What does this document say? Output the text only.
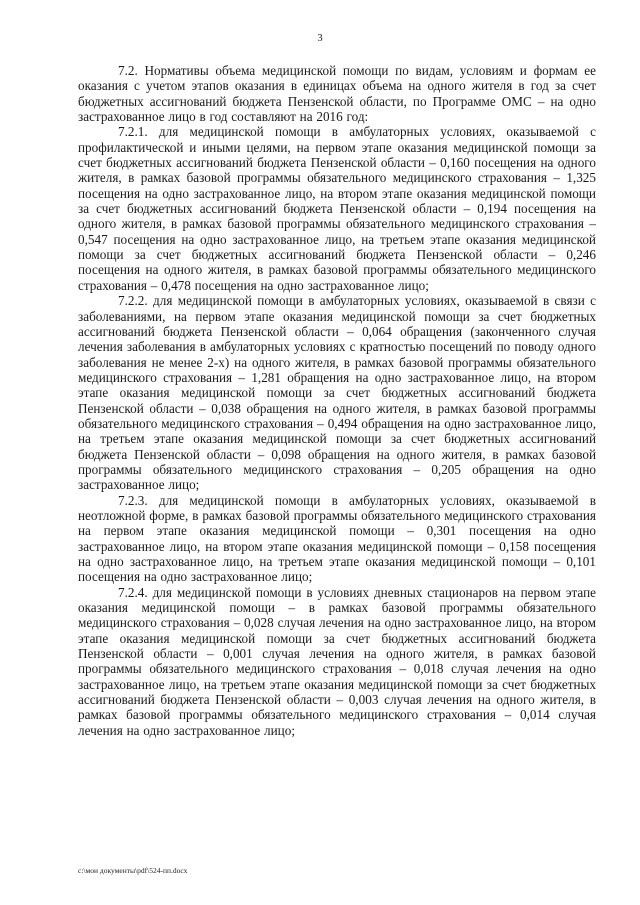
3

7.2. Нормативы объема медицинской помощи по видам, условиям и формам ее оказания с учетом этапов оказания в единицах объема на одного жителя в год за счет бюджетных ассигнований бюджета Пензенской области, по Программе ОМС – на одно застрахованное лицо в год составляют на 2016 год:

7.2.1. для медицинской помощи в амбулаторных условиях, оказываемой с профилактической и иными целями, на первом этапе оказания медицинской помощи за счет бюджетных ассигнований бюджета Пензенской области – 0,160 посещения на одного жителя, в рамках базовой программы обязательного медицинского страхования – 1,325 посещения на одно застрахованное лицо, на втором этапе оказания медицинской помощи за счет бюджетных ассигнований бюджета Пензенской области – 0,194 посещения на одного жителя, в рамках базовой программы обязательного медицинского страхования – 0,547 посещения на одно застрахованное лицо, на третьем этапе оказания медицинской помощи за счет бюджетных ассигнований бюджета Пензенской области – 0,246 посещения на одного жителя, в рамках базовой программы обязательного медицинского страхования – 0,478 посещения на одно застрахованное лицо;

7.2.2. для медицинской помощи в амбулаторных условиях, оказываемой в связи с заболеваниями, на первом этапе оказания медицинской помощи за счет бюджетных ассигнований бюджета Пензенской области – 0,064 обращения (законченного случая лечения заболевания в амбулаторных условиях с кратностью посещений по поводу одного заболевания не менее 2-х) на одного жителя, в рамках базовой программы обязательного медицинского страхования – 1,281 обращения на одно застрахованное лицо, на втором этапе оказания медицинской помощи за счет бюджетных ассигнований бюджета Пензенской области – 0,038 обращения на одного жителя, в рамках базовой программы обязательного медицинского страхования – 0,494 обращения на одно застрахованное лицо, на третьем этапе оказания медицинской помощи за счет бюджетных ассигнований бюджета Пензенской области – 0,098 обращения на одного жителя, в рамках базовой программы обязательного медицинского страхования – 0,205 обращения на одно застрахованное лицо;

7.2.3. для медицинской помощи в амбулаторных условиях, оказываемой в неотложной форме, в рамках базовой программы обязательного медицинского страхования на первом этапе оказания медицинской помощи – 0,301 посещения на одно застрахованное лицо, на втором этапе оказания медицинской помощи – 0,158 посещения на одно застрахованное лицо, на третьем этапе оказания медицинской помощи – 0,101 посещения на одно застрахованное лицо;

7.2.4. для медицинской помощи в условиях дневных стационаров на первом этапе оказания медицинской помощи – в рамках базовой программы обязательного медицинского страхования – 0,028 случая лечения на одно застрахованное лицо, на втором этапе оказания медицинской помощи за счет бюджетных ассигнований бюджета Пензенской области – 0,001 случая лечения на одного жителя, в рамках базовой программы обязательного медицинского страхования – 0,018 случая лечения на одно застрахованное лицо, на третьем этапе оказания медицинской помощи за счет бюджетных ассигнований бюджета Пензенской области – 0,003 случая лечения на одного жителя, в рамках базовой программы обязательного медицинского страхования – 0,014 случая лечения на одно застрахованное лицо;

c:\мои документы\pdf\524-пп.docx
